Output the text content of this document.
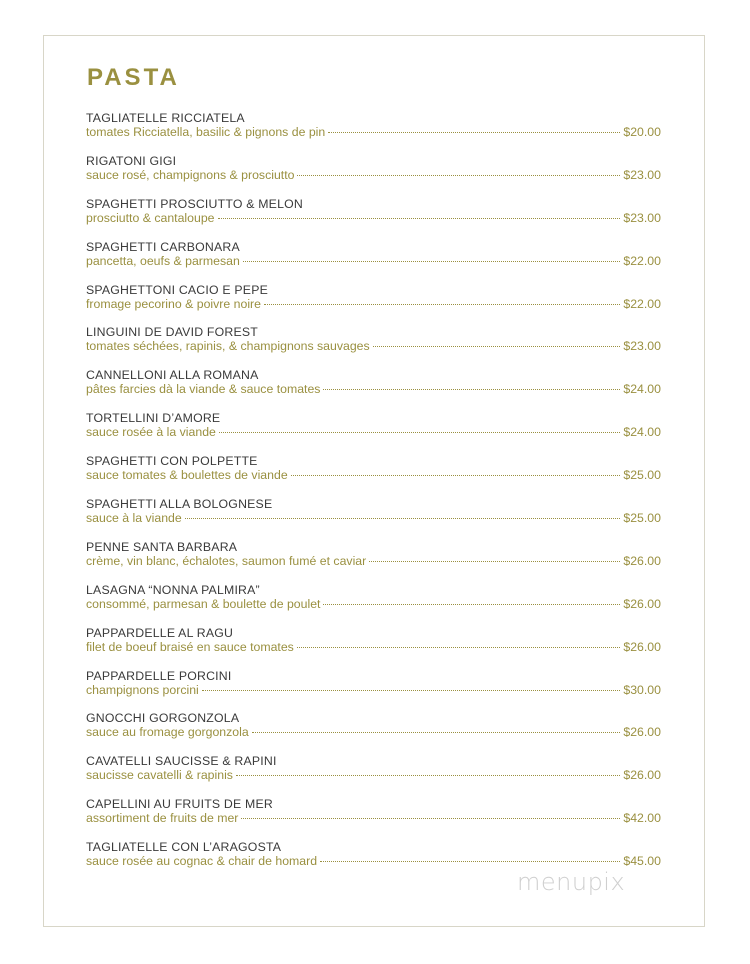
PASTA
TAGLIATELLE RICCIATELA
tomates Ricciatella, basilic & pignons de pin	$20.00
RIGATONI GIGI
sauce rosé, champignons & prosciutto	$23.00
SPAGHETTI PROSCIUTTO & MELON
prosciutto & cantaloupe	$23.00
SPAGHETTI CARBONARA
pancetta, oeufs & parmesan	$22.00
SPAGHETTONI CACIO E PEPE
fromage pecorino & poivre noire	$22.00
LINGUINI DE DAVID FOREST
tomates séchées, rapinis, & champignons sauvages	$23.00
CANNELLONI ALLA ROMANA
pâtes farcies dà la viande & sauce tomates	$24.00
TORTELLINI D’AMORE
sauce rosée à la viande	$24.00
SPAGHETTI CON POLPETTE
sauce tomates & boulettes de viande	$25.00
SPAGHETTI ALLA BOLOGNESE
sauce à la viande	$25.00
PENNE SANTA BARBARA
crème, vin blanc, échalotes, saumon fumé et caviar	$26.00
LASAGNA “NONNA PALMIRA”
consommé, parmesan & boulette de poulet	$26.00
PAPPARDELLE AL RAGU
filet de boeuf braisé en sauce tomates	$26.00
PAPPARDELLE PORCINI
champignons porcini	$30.00
GNOCCHI GORGONZOLA
sauce au fromage gorgonzola	$26.00
CAVATELLI SAUCISSE & RAPINI
saucisse cavatelli & rapinis	$26.00
CAPELLINI AU FRUITS DE MER
assortiment de fruits de mer	$42.00
TAGLIATELLE CON L’ARAGOSTA
sauce rosée au cognac & chair de homard	$45.00
menupix
